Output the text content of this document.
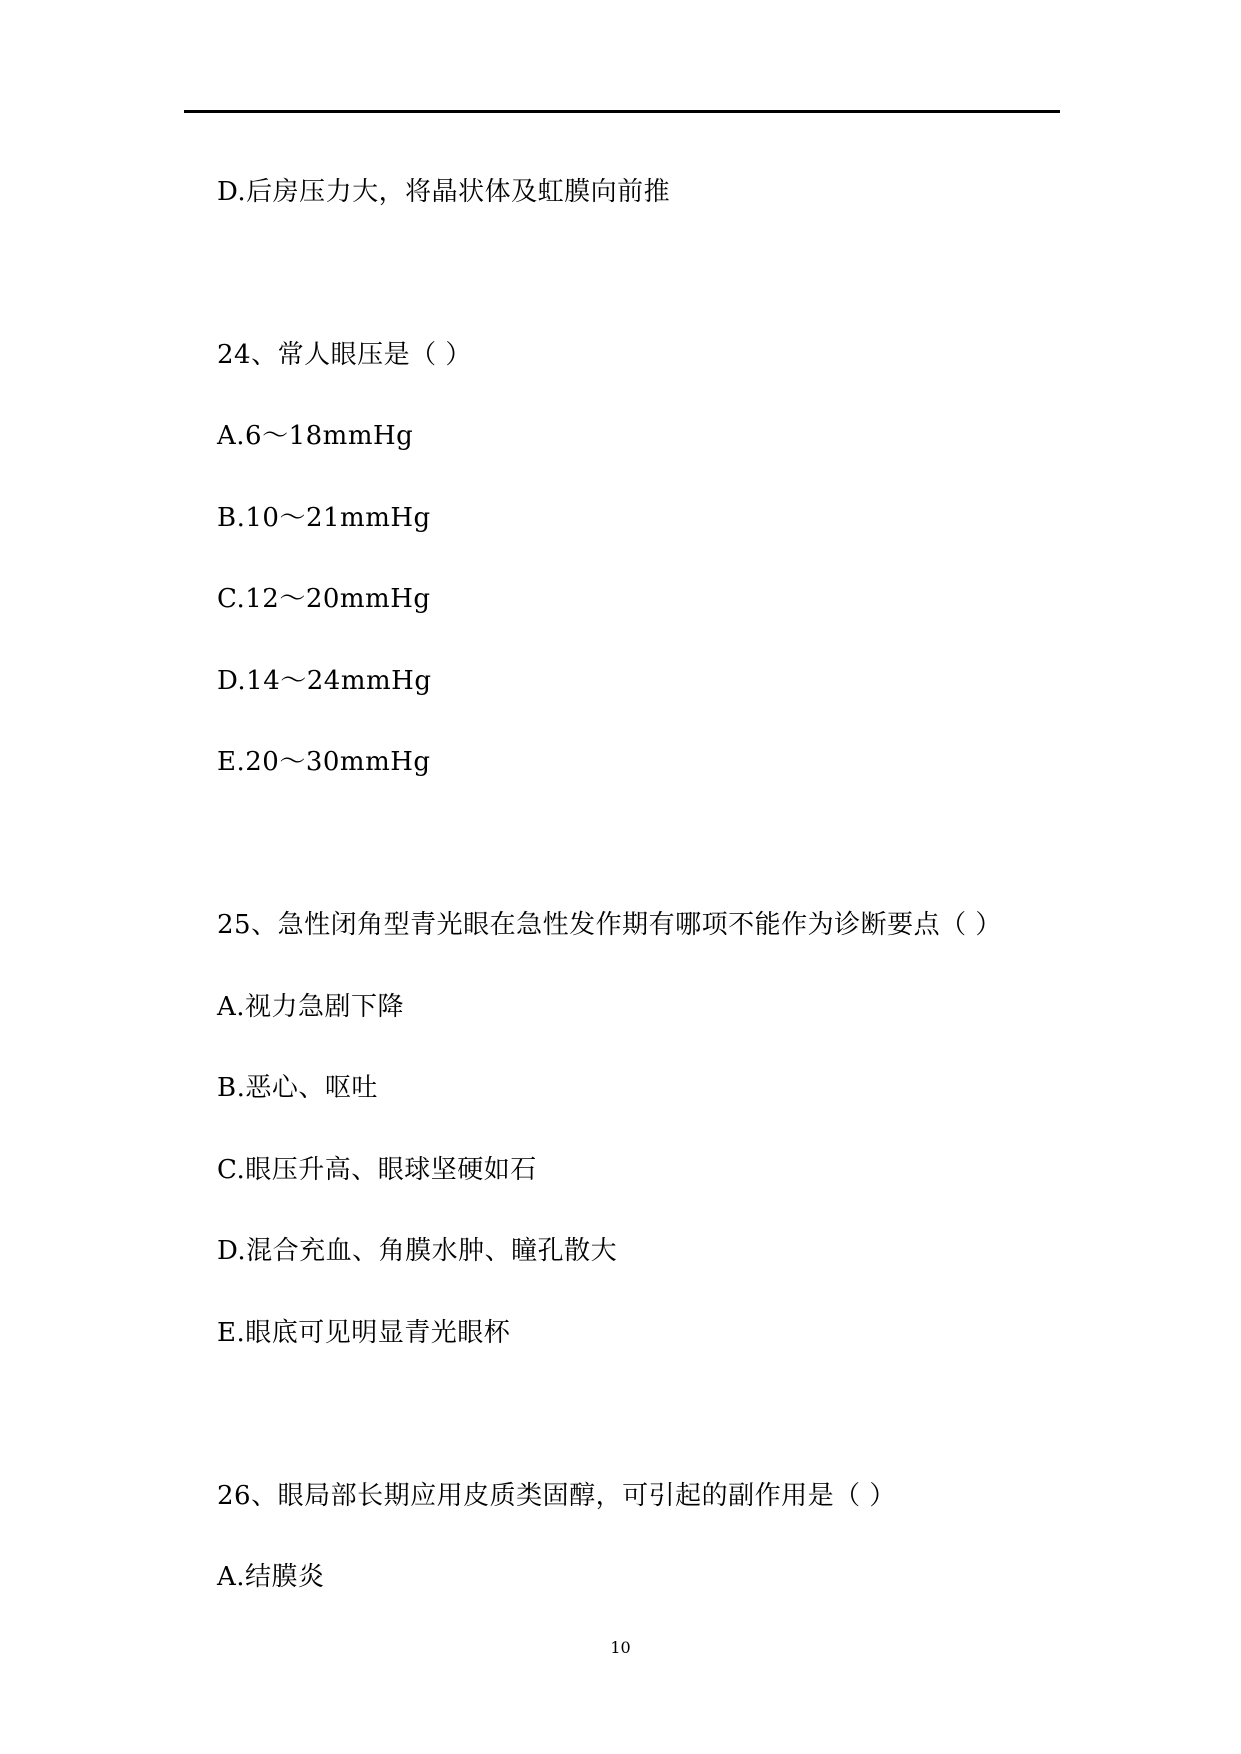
D.后房压力大，将晶状体及虹膜向前推
24、常人眼压是（ ）
A.6～18mmHg
B.10～21mmHg
C.12～20mmHg
D.14～24mmHg
E.20～30mmHg
25、急性闭角型青光眼在急性发作期有哪项不能作为诊断要点（ ）
A.视力急剧下降
B.恶心、呕吐
C.眼压升高、眼球坚硬如石
D.混合充血、角膜水肿、瞳孔散大
E.眼底可见明显青光眼杯
26、眼局部长期应用皮质类固醇，可引起的副作用是（ ）
A.结膜炎
10
